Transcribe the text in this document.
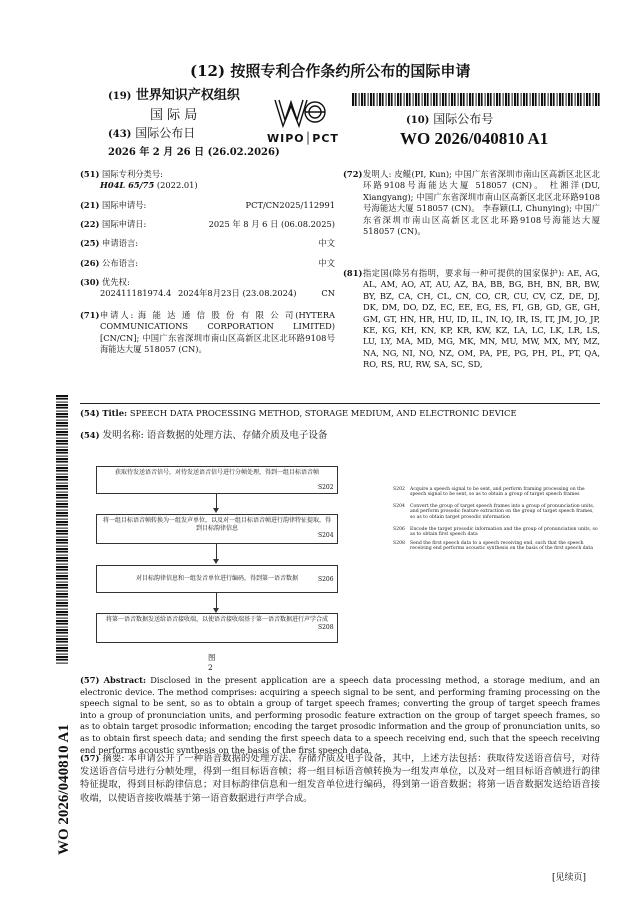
(12) 按照专利合作条约所公布的国际申请
(19) 世界知识产权组织
国 际 局
(43) 国际公布日
2026 年 2 月 26 日 (26.02.2026)
WIPO│PCT
(10) 国际公布号
WO 2026/040810 A1
(51) 国际专利分类号:
H04L 65/75 (2022.01)
(21) 国际申请号:	PCT/CN2025/112991
(22) 国际申请日:	2025 年 8 月 6 日 (06.08.2025)
(25) 申请语言:	中文
(26) 公布语言:	中文
(30) 优先权:
202411181974.4 2024年8月23日 (23.08.2024)	CN
(71) 申请人: 海 能 达 通 信 股 份 有 限 公 司(HYTERA COMMUNICATIONS CORPORATION LIMITED) [CN/CN]; 中国广东省深圳市南山区高新区北区北环路9108号海能达大厦 518057 (CN)。
(72) 发明人: 皮鲲(PI, Kun); 中国广东省深圳市南山区高新区北区北环路9108号海能达大厦 518057 (CN)。 杜湘洋(DU, Xiangyang); 中国广东省深圳市南山区高新区北区北环路9108号海能达大厦 518057 (CN)。 李春颖(LI, Chunying); 中国广东省深圳市南山区高新区北区北环路9108号海能达大厦 518057 (CN)。
(81) 指定国(除另有指明，要求每一种可提供的国家保护): AE, AG, AL, AM, AO, AT, AU, AZ, BA, BB, BG, BH, BN, BR, BW, BY, BZ, CA, CH, CL, CN, CO, CR, CU, CV, CZ, DE, DJ, DK, DM, DO, DZ, EC, EE, EG, ES, FI, GB, GD, GE, GH, GM, GT, HN, HR, HU, ID, IL, IN, IQ, IR, IS, IT, JM, JO, JP, KE, KG, KH, KN, KP, KR, KW, KZ, LA, LC, LK, LR, LS, LU, LY, MA, MD, MG, MK, MN, MU, MW, MX, MY, MZ, NA, NG, NI, NO, NZ, OM, PA, PE, PG, PH, PL, PT, QA, RO, RS, RU, RW, SA, SC, SD,
(54) Title: SPEECH DATA PROCESSING METHOD, STORAGE MEDIUM, AND ELECTRONIC DEVICE
(54) 发明名称: 语音数据的处理方法、存储介质及电子设备
获取待发送语音信号，对待发送语音信号进行分帧处理，得到一组目标语音帧
S202
将一组目标语音帧转换为一组发声单位，以及对一组目标语音帧进行韵律特征提取，得到目标韵律信息
S204
对目标韵律信息和一组发音单位进行编码，得到第一语音数据	S206
将第一语音数据发送给语音接收端，以使语音接收端基于第一语音数据进行声学合成
S208
图 2
S202 Acquire a speech signal to be sent, and perform framing processing on the speech signal to be sent, so as to obtain a group of target speech frames
S204 Convert the group of target speech frames into a group of pronunciation units, and perform prosodic feature extraction on the group of target speech frames, so as to obtain target prosodic information
S206 Encode the target prosodic information and the group of pronunciation units, so as to obtain first speech data
S208 Send the first speech data to a speech receiving end, such that the speech receiving end performs acoustic synthesis on the basis of the first speech data
(57) Abstract: Disclosed in the present application are a speech data processing method, a storage medium, and an electronic device. The method comprises: acquiring a speech signal to be sent, and performing framing processing on the speech signal to be sent, so as to obtain a group of target speech frames; converting the group of target speech frames into a group of pronunciation units, and performing prosodic feature extraction on the group of target speech frames, so as to obtain target prosodic information; encoding the target prosodic information and the group of pronunciation units, so as to obtain first speech data; and sending the first speech data to a speech receiving end, such that the speech receiving end performs acoustic synthesis on the basis of the first speech data.
(57) 摘要: 本申请公开了一种语音数据的处理方法、存储介质及电子设备，其中，上述方法包括：获取待发送语音信号，对待发送语音信号进行分帧处理，得到一组目标语音帧；将一组目标语音帧转换为一组发声单位，以及对一组目标语音帧进行韵律特征提取，得到目标韵律信息；对目标韵律信息和一组发音单位进行编码，得到第一语音数据；将第一语音数据发送给语音接收端，以使语音接收端基于第一语音数据进行声学合成。
WO 2026/040810 A1
[见续页]
